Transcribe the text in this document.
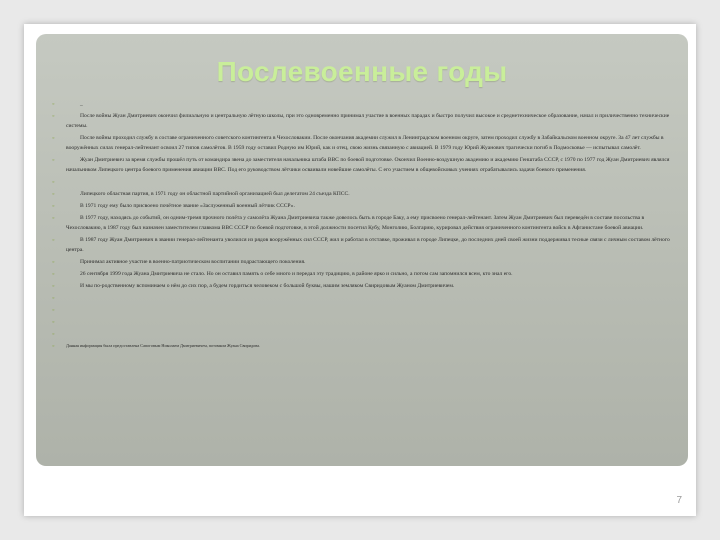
Послевоенные годы
◦	_
◦	После войны Жуан Дмитриевич окончил филиальную и центральную лётную школы, при это одновременно принимал участие в военных парадах и быстро получил высокое и среднетехническое образование, начал и приличественно технические системы.
◦	После войны проходил службу в составе ограниченного советского контингента в Чехословакии. После окончания академии служил в Ленинградском военном округе, затем проходил службу в Забайкальском военном округе. За 47 лет службы в вооружённых силах генерал-лейтенант освоил 27 типов самолётов. В 1959 году оставил Родную им Юрий, как и отец, свою жизнь связанную с авиацией. В 1979 году Юрий Жуанович трагически погиб в Подмосковье — испытывал самолёт.
◦	Жуан Дмитриевич за время службы прошёл путь от командира звена до заместителя начальника штаба ВВС по боевой подготовке. Окончил Военно-воздушную академию и академию Генштаба СССР, с 1970 по 1977 год Жуан Дмитриевич являлся начальником Липецкого центра боевого применения авиации ВВС. Под его руководством лётчики осваивали новейшие самолёты. С его участием в общевойсковых учениях отрабатывались задачи боевого применения.
◦
◦	Липецкого областная партия, в 1971 году он областной партийной организацией был делегатом 24 съезда КПСС.
◦	В 1971 году ему было присвоено почётное звание «Заслуженный военный лётчик СССР».
◦	В 1977 году, находясь до событий, он одним-тремя прочного полёта у самолёта Жуана Дмитриевича также довелось быть в городе Баку, а ему присвоено генерал-лейтенант. Затем Жуан Дмитриевич был переведён в составе посольства в Чехословакию, в 1987 году был назначен заместителем главкома ВВС СССР по боевой подготовке, в этой должности посетил Кубу, Монголию, Болгарию, курировал действия ограниченного контингента войск в Афганистане боевой авиации.
◦	В 1987 году Жуан Дмитриевич в звании генерал-лейтенанта уволился из рядов вооружённых сил СССР, жил и работал в отставке, проживал в городе Липецке, до последних дней своей жизни поддерживал тесные связи с личным составом лётного центра.
◦	Принимал активное участие в военно-патриотическом воспитании подрастающего поколения.
◦	26 сентября 1999 года Жуана Дмитриевича не стало. Но он оставил память о себе много и передал эту традицию, в районе ярко и сильно, а потом сам запомнился всем, кто знал его.
◦	И мы по-родственному вспоминаем о нём до сих пор, а будем гордиться человеком с большой буквы, нашим земляком Свиридовым Жуаном Дмитриевичем.
◦
◦
◦
◦
◦	Данная информация была предоставлена Сапоговым Николаем Дмитриевичем, потомком Жуана Свиридова.
7
